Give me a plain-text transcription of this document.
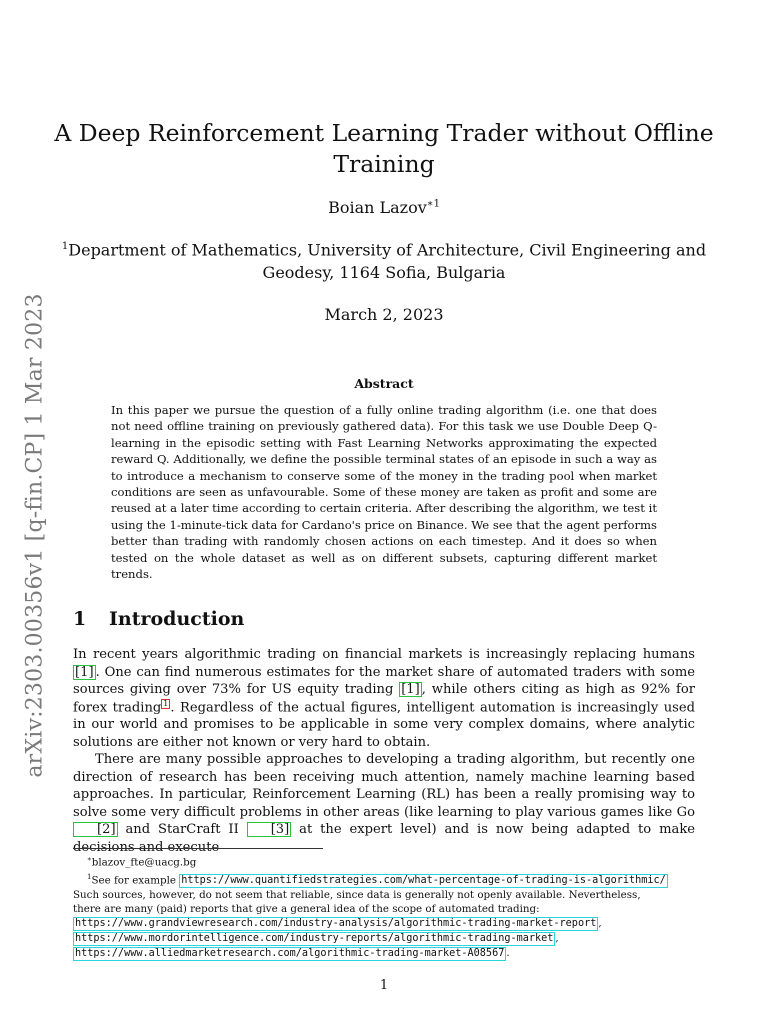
arXiv:2303.00356v1 [q-fin.CP] 1 Mar 2023
A Deep Reinforcement Learning Trader without Offline
Training
Boian Lazov$^{∗1}$
$^1$Department of Mathematics, University of Architecture, Civil Engineering and
Geodesy, 1164 Sofia, Bulgaria
March 2, 2023
Abstract
In this paper we pursue the question of a fully online trading algorithm (i.e. one that does not need offline training on previously gathered data). For this task we use Double Deep Q-learning in the episodic setting with Fast Learning Networks approximating the expected reward Q. Additionally, we define the possible terminal states of an episode in such a way as to introduce a mechanism to conserve some of the money in the trading pool when market conditions are seen as unfavourable. Some of these money are taken as profit and some are reused at a later time according to certain criteria. After describing the algorithm, we test it using the 1-minute-tick data for Cardano's price on Binance. We see that the agent performs better than trading with randomly chosen actions on each timestep. And it does so when tested on the whole dataset as well as on different subsets, capturing different market trends.
1 Introduction

In recent years algorithmic trading on financial markets is increasingly replacing humans [1] . One can find numerous estimates for the market share of automated traders with some sources giving over 73% for US equity trading [1] , while others citing as high as 92% for forex trading 1 . Regardless of the actual figures, intelligent automation is increasingly used in our world and promises to be applicable in some very complex domains, where analytic solutions are either not known or very hard to obtain.

There are many possible approaches to developing a trading algorithm, but recently one direction of research has been receiving much attention, namely machine learning based approaches. In particular, Reinforcement Learning (RL) has been a really promising way to solve some very difficult problems in other areas (like learning to play various games like Go [2] and StarCraft II [3] at the expert level) and is now being adapted to make decisions and execute

∗blazov_fte@uacg.bg
$^1$See for example https://www.quantifiedstrategies.com/what-percentage-of-trading-is-algorithmic/
Such sources, however, do not seem that reliable, since data is generally not openly available. Nevertheless,
there are many (paid) reports that give a general idea of the scope of automated trading:
https://www.grandviewresearch.com/industry-analysis/algorithmic-trading-market-report ,
https://www.mordorintelligence.com/industry-reports/algorithmic-trading-market ,
https://www.alliedmarketresearch.com/algorithmic-trading-market-A08567 .
1
